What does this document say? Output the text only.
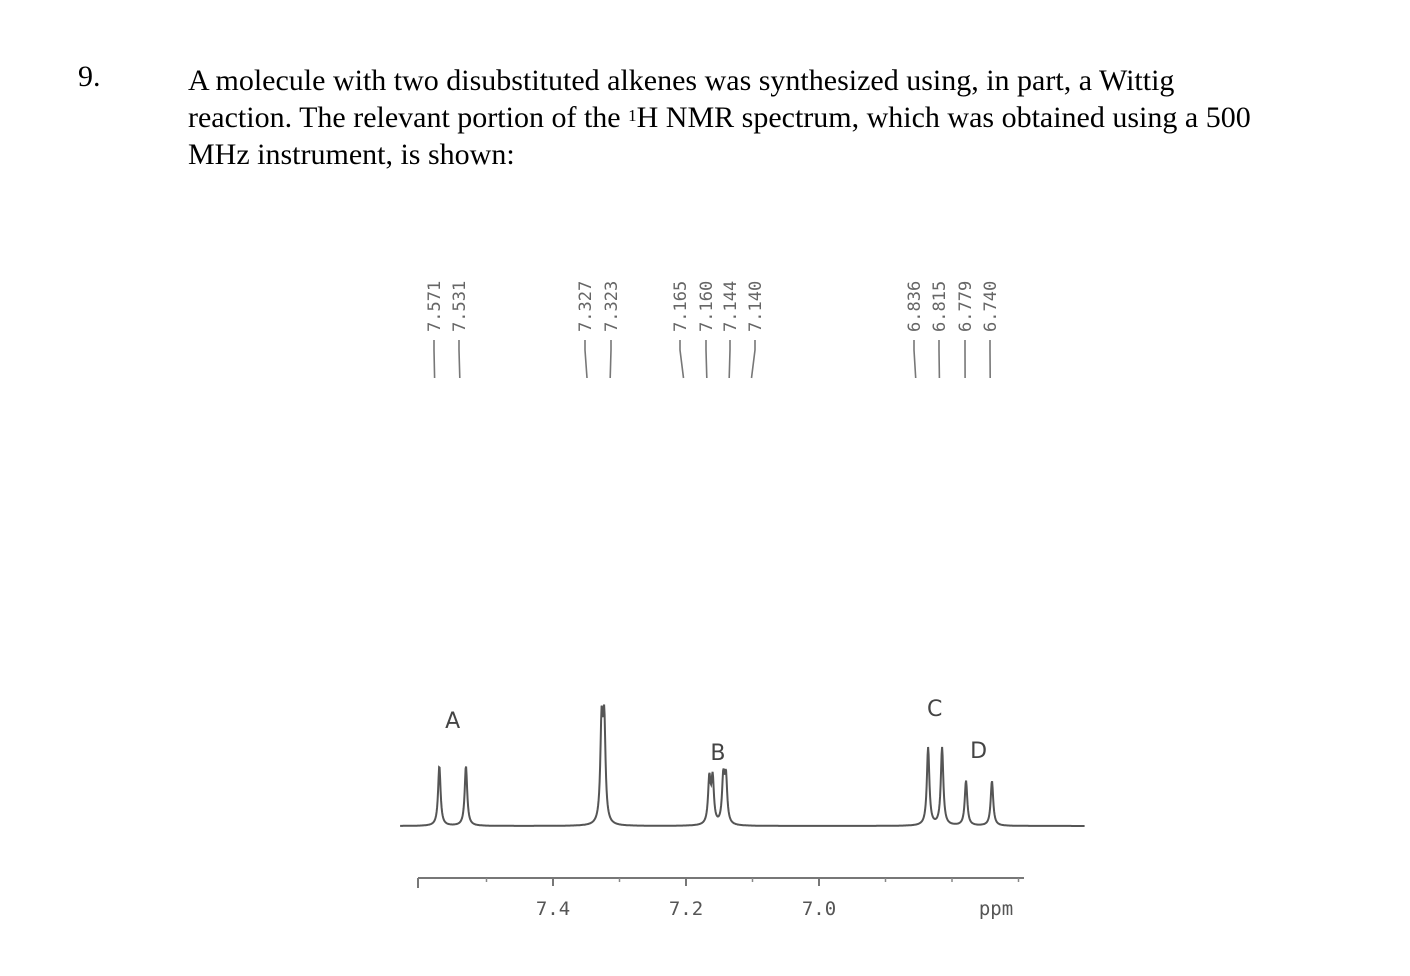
9.	A molecule with two disubstituted alkenes was synthesized using, in part, a Wittig
reaction. The relevant portion of the $^1$H NMR spectrum, which was obtained using a 500
MHz instrument, is shown:
7.571 7.531	7.327 7.323	7.165 7.160 7.144 7.140	6.836 6.815 6.779 6.740
A
B
C
D
7.4	7.2	7.0	ppm
